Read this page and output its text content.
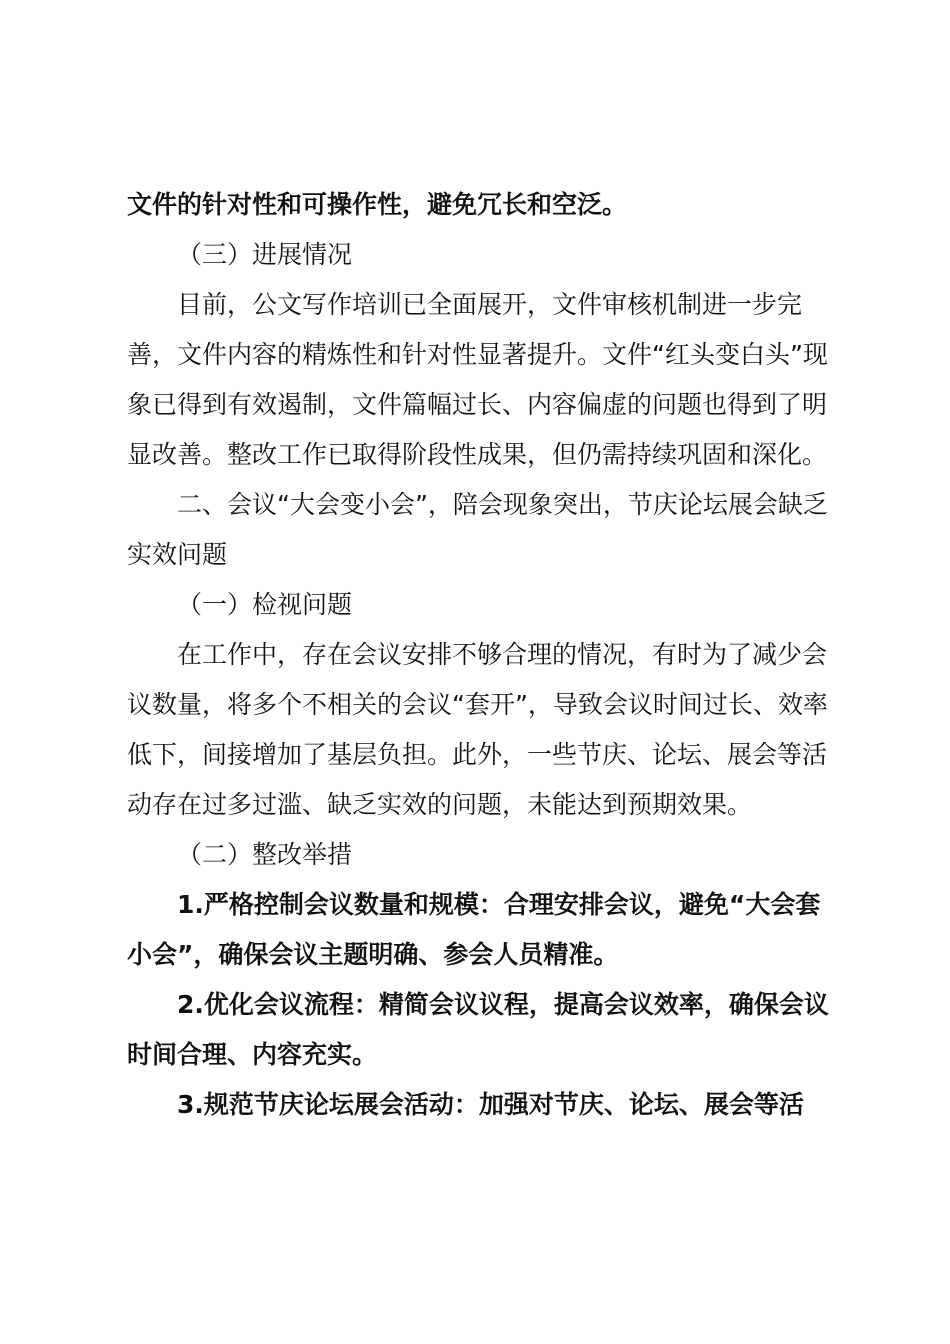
文件的针对性和可操作性，避免冗长和空泛。

（三）进展情况

目前，公文写作培训已全面展开，文件审核机制进一步完

善，文件内容的精炼性和针对性显著提升。文件“红头变白头”现象已得到有效遏制，文件篇幅过长、内容偏虚的问题也得到了明显改善。整改工作已取得阶段性成果，但仍需持续巩固和深化。

二、会议“大会变小会”，陪会现象突出，节庆论坛展会缺乏实效问题

（一）检视问题

在工作中，存在会议安排不够合理的情况，有时为了减少会议数量，将多个不相关的会议“套开”，导致会议时间过长、效率低下，间接增加了基层负担。此外，一些节庆、论坛、展会等活动存在过多过滥、缺乏实效的问题，未能达到预期效果。

（二）整改举措

1.严格控制会议数量和规模：合理安排会议，避免“大会套小会”，确保会议主题明确、参会人员精准。

2.优化会议流程：精简会议议程，提高会议效率，确保会议时间合理、内容充实。

3.规范节庆论坛展会活动：加强对节庆、论坛、展会等活
